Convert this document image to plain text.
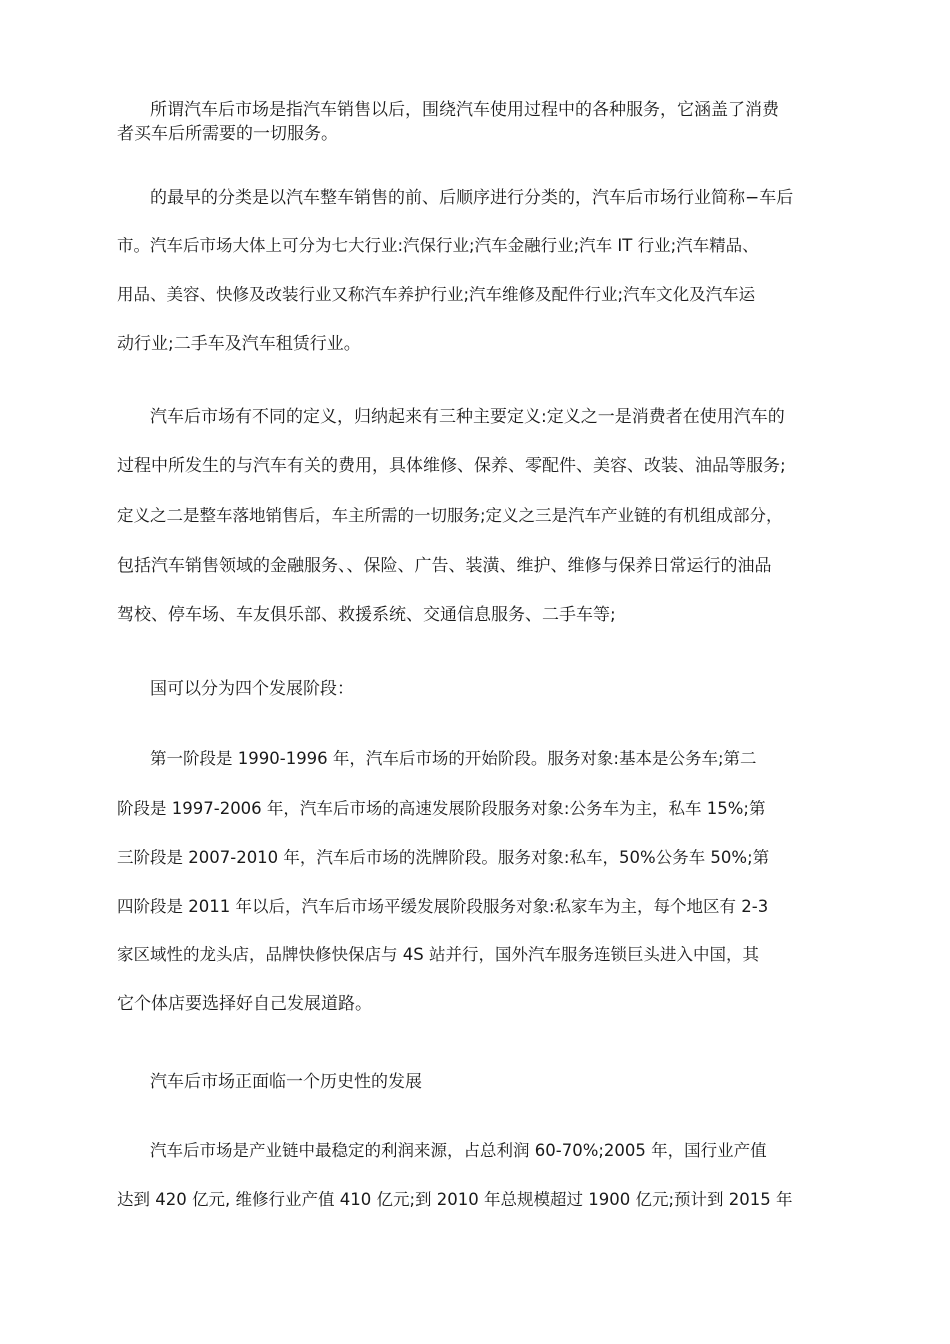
所谓汽车后市场是指汽车销售以后，围绕汽车使用过程中的各种服务，它涵盖了消费
者买车后所需要的一切服务。
的最早的分类是以汽车整车销售的前、后顺序进行分类的，汽车后市场行业简称−车后
市。汽车后市场大体上可分为七大行业:汽保行业;汽车金融行业;汽车 IT 行业;汽车精品、
用品、美容、快修及改装行业又称汽车养护行业;汽车维修及配件行业;汽车文化及汽车运
动行业;二手车及汽车租赁行业。
汽车后市场有不同的定义，归纳起来有三种主要定义:定义之一是消费者在使用汽车的
过程中所发生的与汽车有关的费用，具体维修、保养、零配件、美容、改装、油品等服务;
定义之二是整车落地销售后，车主所需的一切服务;定义之三是汽车产业链的有机组成部分，
包括汽车销售领域的金融服务、、保险、广告、装潢、维护、维修与保养日常运行的油品
驾校、停车场、车友俱乐部、救援系统、交通信息服务、二手车等;
国可以分为四个发展阶段：
第一阶段是 1990-1996 年，汽车后市场的开始阶段。服务对象:基本是公务车;第二
阶段是 1997-2006 年，汽车后市场的高速发展阶段服务对象:公务车为主，私车 15%;第
三阶段是 2007-2010 年，汽车后市场的洗牌阶段。服务对象:私车，50%公务车 50%;第
四阶段是 2011 年以后，汽车后市场平缓发展阶段服务对象:私家车为主，每个地区有 2-3
家区域性的龙头店，品牌快修快保店与 4S 站并行，国外汽车服务连锁巨头进入中国，其
它个体店要选择好自己发展道路。
汽车后市场正面临一个历史性的发展
汽车后市场是产业链中最稳定的利润来源，占总利润 60-70%;2005 年，国行业产值
达到 420 亿元, 维修行业产值 410 亿元;到 2010 年总规模超过 1900 亿元;预计到 2015 年
